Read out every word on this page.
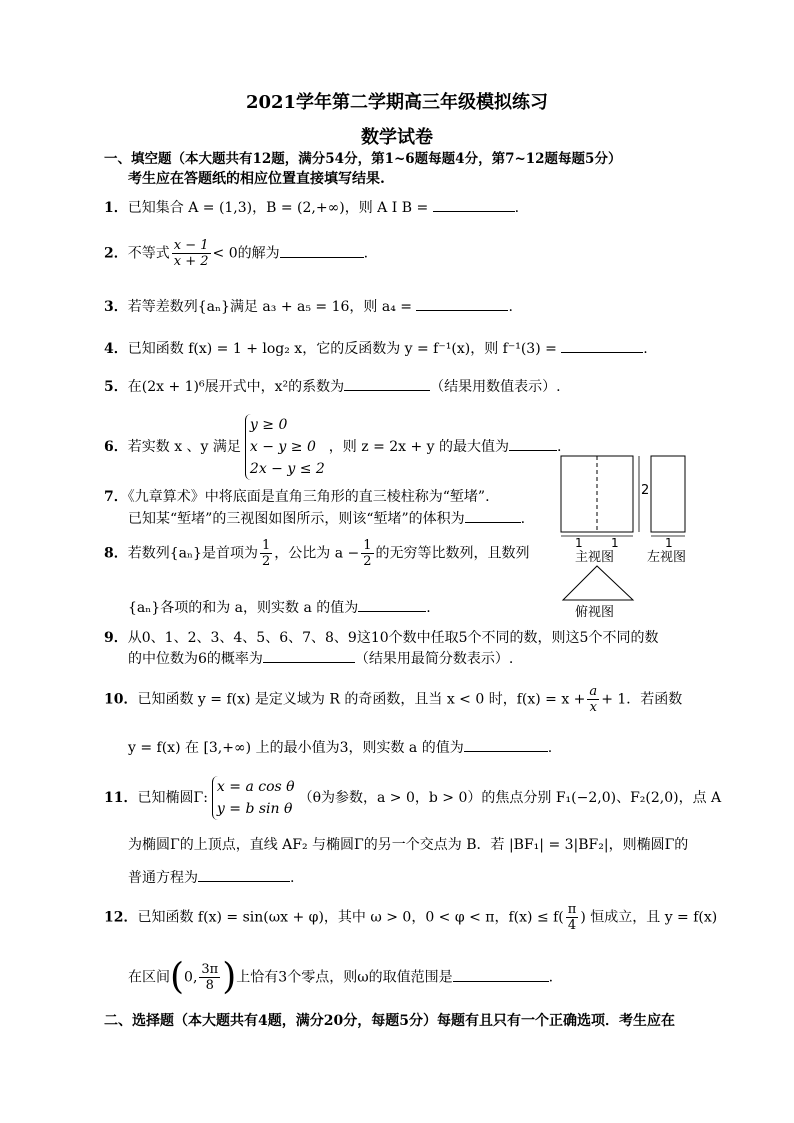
2021学年第二学期高三年级模拟练习
数学试卷
一、填空题（本大题共有12题，满分54分，第1~6题每题4分，第7~12题每题5分）
考生应在答题纸的相应位置直接填写结果.
1．已知集合 A = (1,3)，B = (2,+∞)，则 A I B =	.
2．不等式 $\frac{x - 1}{x + 2} < 0$的解为	.
3．若等差数列{aₙ}满足 a₃ + a₅ = 16，则 a₄ =	.
4．已知函数 f(x) = 1 + log₂ x，它的反函数为 y = f⁻¹(x)，则 f⁻¹(3) =	.
5．在(2x + 1)⁶展开式中，x²的系数为	（结果用数值表示）.
6．若实数 x 、y 满足
y ≥ 0
x − y ≥ 0
2x − y ≤ 2
，则 z = 2x + y 的最大值为	.
7．《九章算术》中将底面是直角三角形的直三棱柱称为“堑堵”.
已知某“堑堵”的三视图如图所示，则该“堑堵”的体积为	.
8．若数列{aₙ}是首项为 $\frac{1}{2}$ ，公比为 $a - \frac{1}{2}$ 的无穷等比数列，且数列
{aₙ}各项的和为 a，则实数 a 的值为	.
9．从0、1、2、3、4、5、6、7、8、9这10个数中任取5个不同的数，则这5个不同的数
的中位数为6的概率为	（结果用最简分数表示）.
10．已知函数 y = f(x) 是定义域为 R 的奇函数，且当 x < 0 时，$f(x) = x + \frac{a}{x} + 1$．若函数
y = f(x) 在 [3,+∞) 上的最小值为3，则实数 a 的值为	.
11．已知椭圆Γ:
x = a cos θ
y = b sin θ
（θ为参数，a > 0，b > 0）的焦点分别 F₁(−2,0)、F₂(2,0)，点 A
为椭圆Γ的上顶点，直线 AF₂ 与椭圆Γ的另一个交点为 B．若 |BF₁| = 3|BF₂|，则椭圆Γ的
普通方程为	.
12．已知函数 f(x) = sin(ωx + φ)，其中 ω > 0，0 < φ < π，$f(x) \le f( \frac{\pi}{4}$ ) 恒成立，且 y = f(x)
在区间(0, $\frac{3\pi}{8}$ )上恰有3个零点，则ω的取值范围是	.
二、选择题（本大题共有4题，满分20分，每题5分）每题有且只有一个正确选项．考生应在
2
1 1
主视图
1
左视图
俯视图
